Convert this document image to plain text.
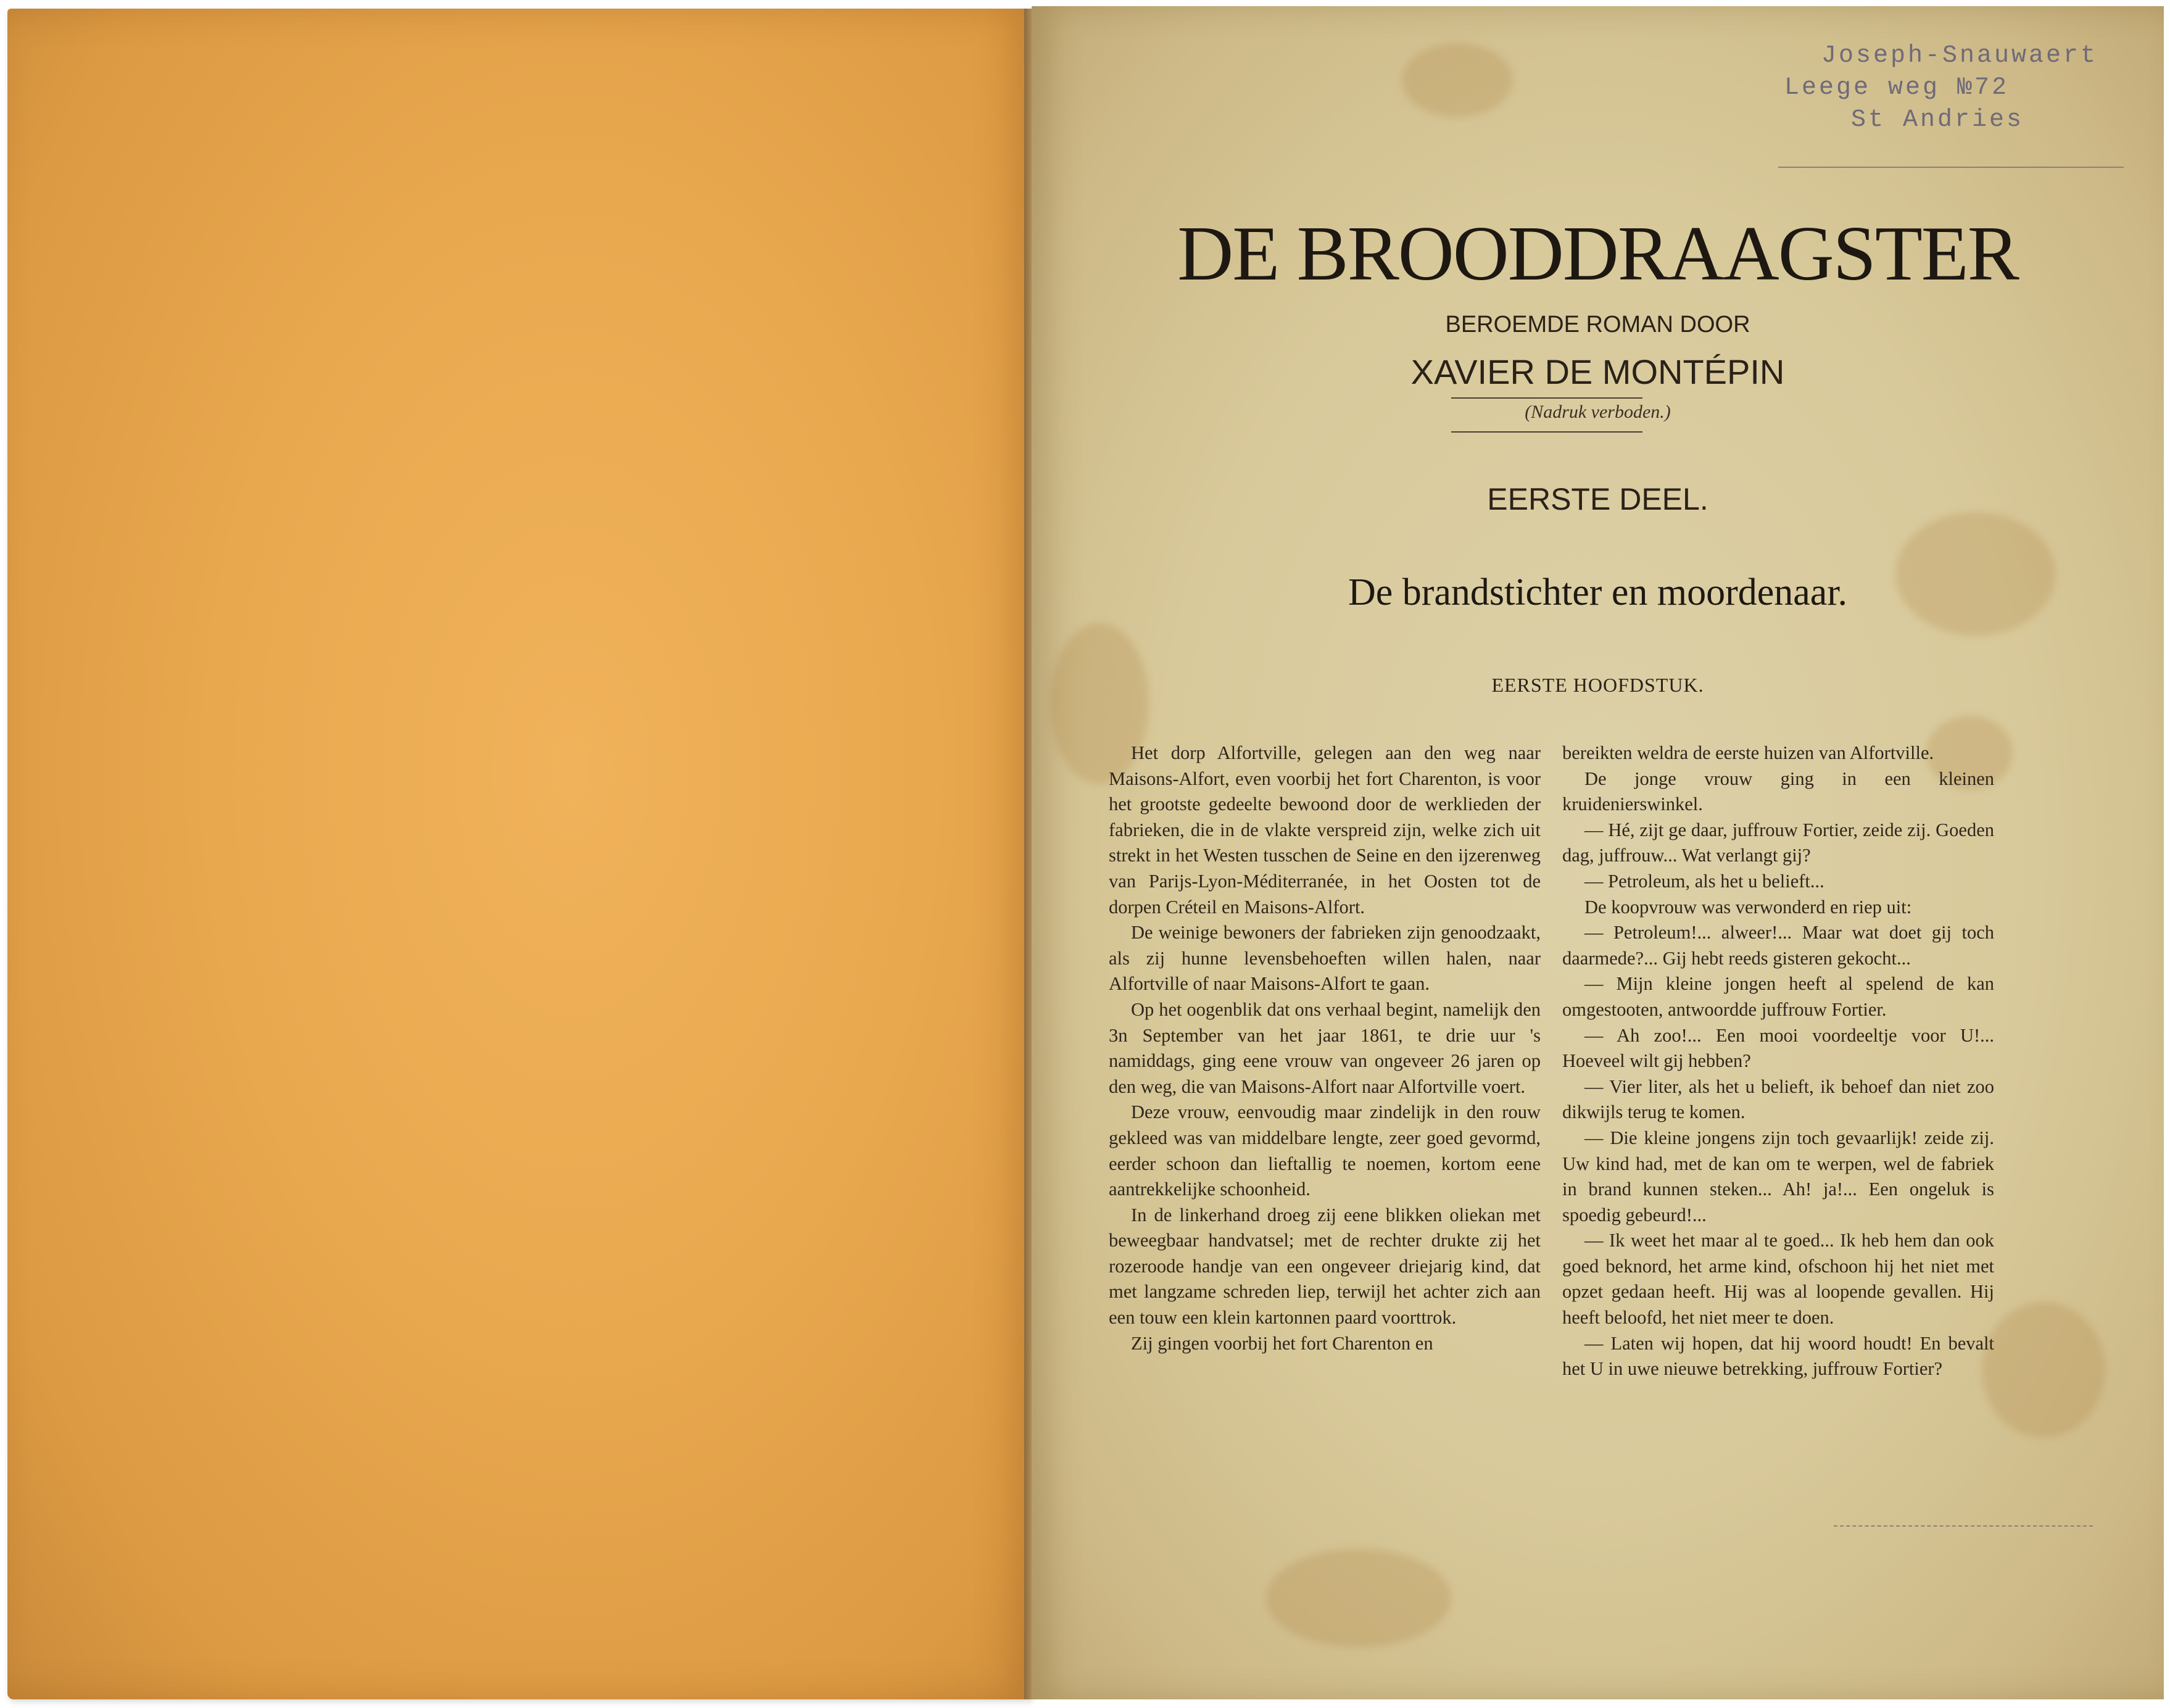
Joseph-Snauwaert
Leege weg №72
St Andries
DE BROODDRAAGSTER
BEROEMDE ROMAN DOOR
XAVIER DE MONTÉPIN
(Nadruk verboden.)
EERSTE DEEL.
De brandstichter en moordenaar.
EERSTE HOOFDSTUK.

Het dorp Alfortville, gelegen aan den weg naar Maisons-Alfort, even voorbij het fort Charenton, is voor het grootste gedeelte bewoond door de werklieden der fabrieken, die in de vlakte verspreid zijn, welke zich uit strekt in het Westen tusschen de Seine en den ijzerenweg van Parijs-Lyon-Méditerranée, in het Oosten tot de dorpen Créteil en Maisons-Alfort.

De weinige bewoners der fabrieken zijn genoodzaakt, als zij hunne levensbehoeften willen halen, naar Alfortville of naar Maisons-Alfort te gaan.

Op het oogenblik dat ons verhaal begint, namelijk den 3n September van het jaar 1861, te drie uur 's namiddags, ging eene vrouw van ongeveer 26 jaren op den weg, die van Maisons-Alfort naar Alfortville voert.

Deze vrouw, eenvoudig maar zindelijk in den rouw gekleed was van middelbare lengte, zeer goed gevormd, eerder schoon dan lieftallig te noemen, kortom eene aantrekkelijke schoonheid.

In de linkerhand droeg zij eene blikken oliekan met beweegbaar handvatsel; met de rechter drukte zij het rozeroode handje van een ongeveer driejarig kind, dat met langzame schreden liep, terwijl het achter zich aan een touw een klein kartonnen paard voorttrok.

Zij gingen voorbij het fort Charenton en

bereikten weldra de eerste huizen van Alfortville.

De jonge vrouw ging in een kleinen kruidenierswinkel.

— Hé, zijt ge daar, juffrouw Fortier, zeide zij. Goeden dag, juffrouw... Wat verlangt gij?

— Petroleum, als het u belieft...

De koopvrouw was verwonderd en riep uit:

— Petroleum!... alweer!... Maar wat doet gij toch daarmede?... Gij hebt reeds gisteren gekocht...

— Mijn kleine jongen heeft al spelend de kan omgestooten, antwoordde juffrouw Fortier.

— Ah zoo!... Een mooi voordeeltje voor U!... Hoeveel wilt gij hebben?

— Vier liter, als het u belieft, ik behoef dan niet zoo dikwijls terug te komen.

— Die kleine jongens zijn toch gevaarlijk! zeide zij. Uw kind had, met de kan om te werpen, wel de fabriek in brand kunnen steken... Ah! ja!... Een ongeluk is spoedig gebeurd!...

— Ik weet het maar al te goed... Ik heb hem dan ook goed beknord, het arme kind, ofschoon hij het niet met opzet gedaan heeft. Hij was al loopende gevallen. Hij heeft beloofd, het niet meer te doen.

— Laten wij hopen, dat hij woord houdt! En bevalt het U in uwe nieuwe betrekking, juffrouw Fortier?
